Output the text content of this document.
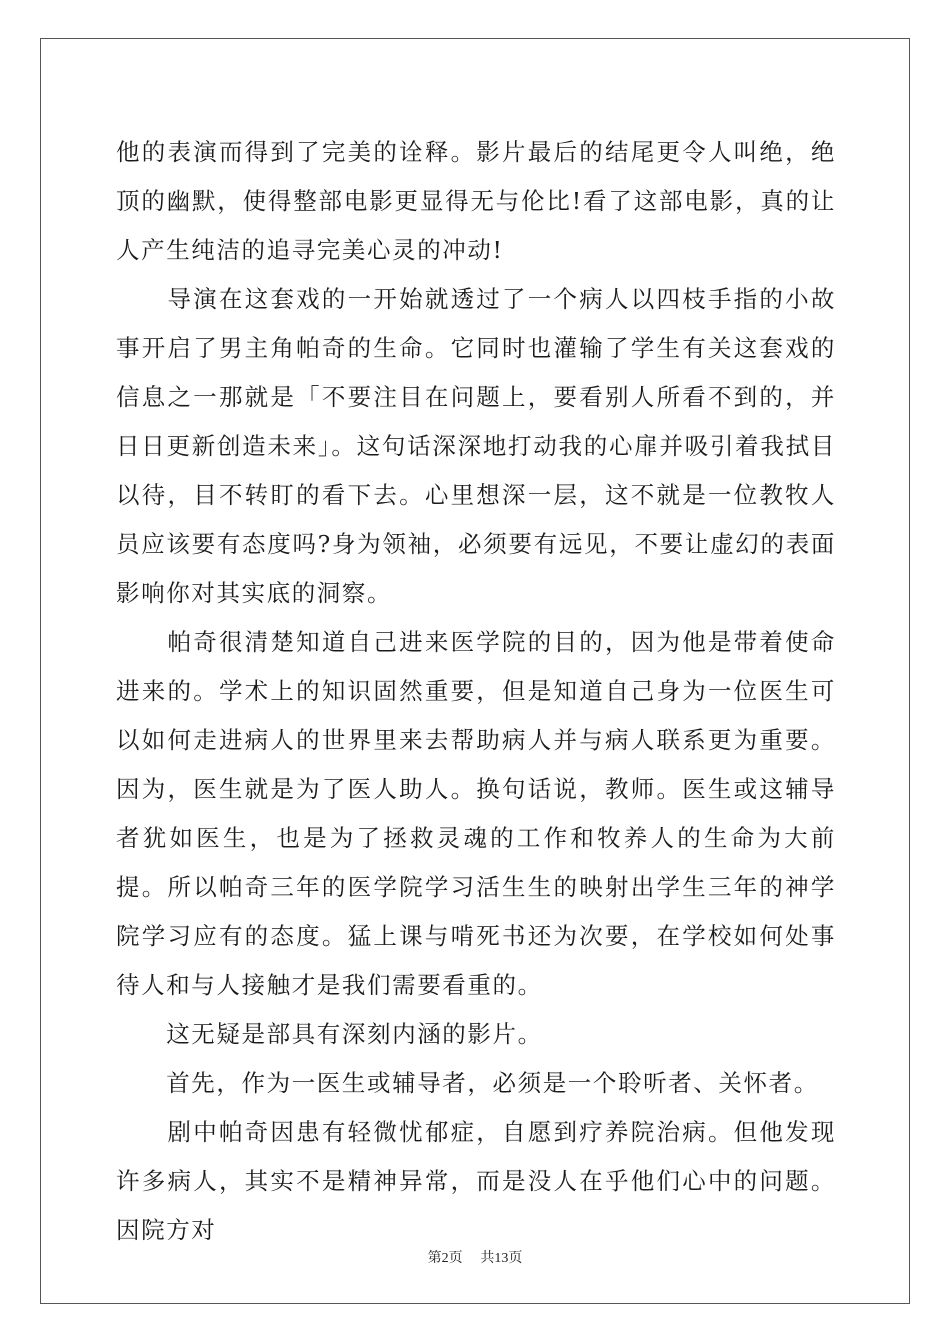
他的表演而得到了完美的诠释。影片最后的结尾更令人叫绝，绝顶的幽默，使得整部电影更显得无与伦比!看了这部电影，真的让人产生纯洁的追寻完美心灵的冲动!

　　导演在这套戏的一开始就透过了一个病人以四枝手指的小故事开启了男主角帕奇的生命。它同时也灌输了学生有关这套戏的信息之一那就是「不要注目在问题上，要看别人所看不到的，并日日更新创造未来」。这句话深深地打动我的心扉并吸引着我拭目以待，目不转盯的看下去。心里想深一层，这不就是一位教牧人员应该要有态度吗?身为领袖，必须要有远见，不要让虚幻的表面影响你对其实底的洞察。

　　帕奇很清楚知道自己进来医学院的目的，因为他是带着使命进来的。学术上的知识固然重要，但是知道自己身为一位医生可以如何走进病人的世界里来去帮助病人并与病人联系更为重要。因为，医生就是为了医人助人。换句话说，教师。医生或这辅导者犹如医生，也是为了拯救灵魂的工作和牧养人的生命为大前提。所以帕奇三年的医学院学习活生生的映射出学生三年的神学院学习应有的态度。猛上课与啃死书还为次要，在学校如何处事待人和与人接触才是我们需要看重的。

　　这无疑是部具有深刻内涵的影片。

　　首先，作为一医生或辅导者，必须是一个聆听者、关怀者。

　　剧中帕奇因患有轻微忧郁症，自愿到疗养院治病。但他发现许多病人，其实不是精神异常，而是没人在乎他们心中的问题。因院方对

第2页 共13页
